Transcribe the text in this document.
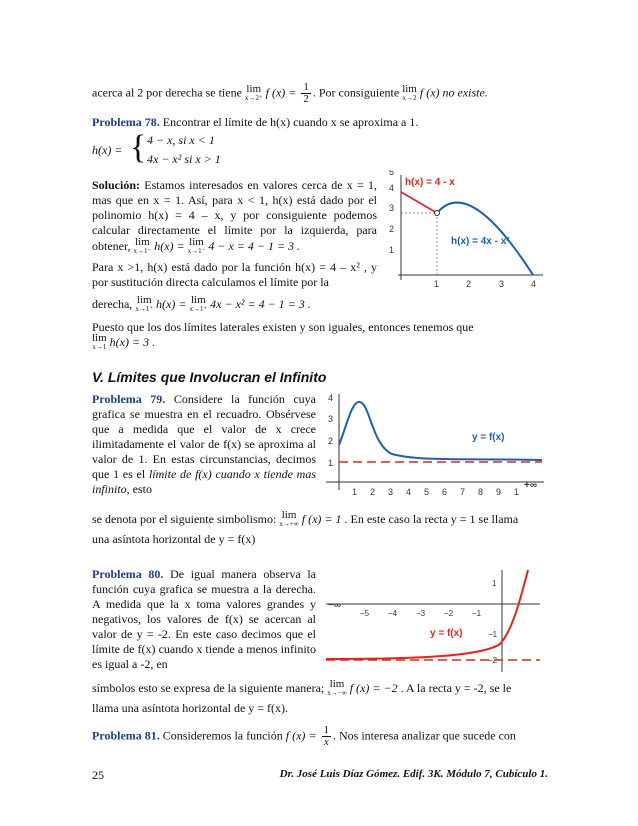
acerca al 2 por derecha se tiene lim
x→2⁺ f $(x) = \frac{1}{2}$ . Por consiguiente lim
x→2 f (x) no existe.
Problema 78. Encontrar el límite de h(x) cuando x se aproxima a 1.
h(x) = { 4 − x, si x < 1
4x − x² si x > 1
Solución: Estamos interesados en valores cerca de x = 1, mas que en x = 1. Así, para x < 1, h(x) está dado por el polinomio h(x) = 4 – x, y por consiguiente podemos calcular directamente el límite por la izquierda, para obtener, lim
x→1⁻ h(x) = lim
x→1⁻ 4 − x = 4 − 1 = 3 .
Para x >1, h(x) está dado por la función h(x) = 4 – x² , y por sustitución directa calculamos el límite por la
derecha, lim
x→1⁺ h(x) = lim
x→1⁺ 4x − x² = 4 − 1 = 3 .
Puesto que los dos límites laterales existen y son iguales, entonces tenemos que
lim
x→1 h(x) = 3 .
1
2
3
4
5
1	2	3	4
h(x) = 4 - x
h(x) = 4x - x²
V. Límites que Involucran el Infinito
Problema 79. Considere la función cuya grafica se muestra en el recuadro. Obsérvese que a medida que el valor de x crece ilimitadamente el valor de f(x) se aproxima al valor de 1. En estas circunstancias, decimos que 1 es el límite de f(x) cuando x tiende mas infinito, esto
1
2
3
4
1 2 3 4 5 6 7 8 9 1
+∞
y = f(x)
se denota por el siguiente simbolismo: lim
x→+∞ f (x) = 1 . En este caso la recta y = 1 se llama
una asíntota horizontal de y = f(x)
Problema 80. De igual manera observa la función cuya grafica se muestra a la derecha. A medida que la x toma valores grandes y negativos, los valores de f(x) se acercan al valor de y = -2. En este caso decimos que el límite de f(x) cuando x tiende a menos infinito es igual a -2, en
−∞
−5 −4 −3 −2 −1
1
−1
−2
y = f(x)
símbolos esto se expresa de la siguiente manera; lim
x→−∞ f (x) = −2 . A la recta y = -2, se le
llama una asíntota horizontal de y = f(x).
Problema 81. Consideremos la función f $(x) = \frac{1}{x}$ . Nos interesa analizar que sucede con
25	Dr. José Luis Díaz Gómez. Edif. 3K. Módulo 7, Cubículo 1.
